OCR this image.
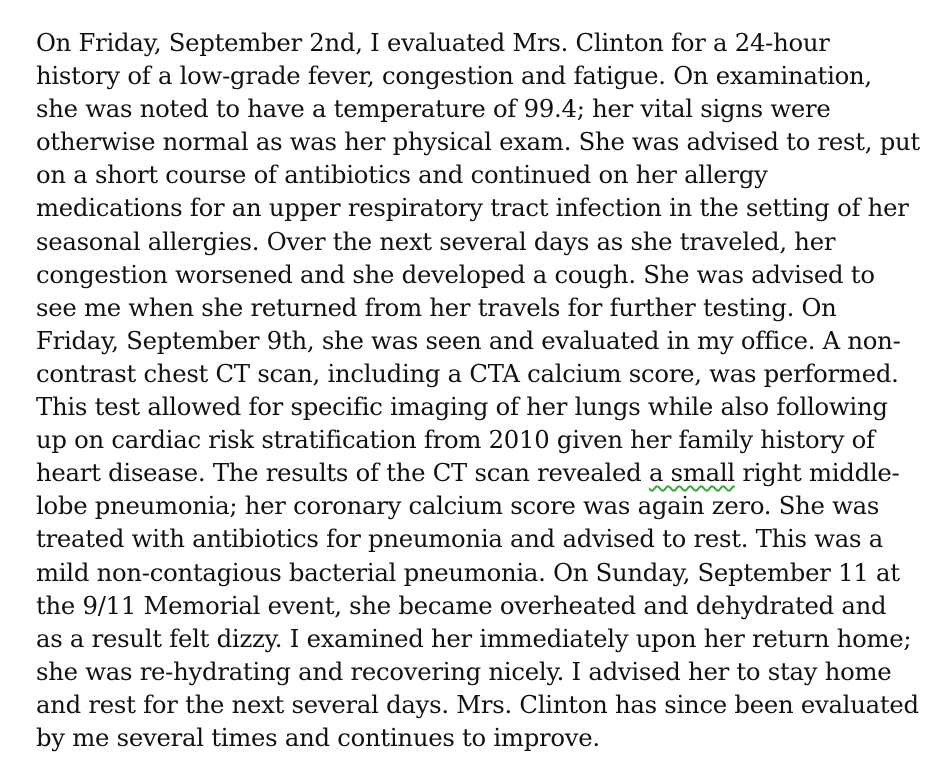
On Friday, September 2nd, I evaluated Mrs. Clinton for a 24-hour
history of a low-grade fever, congestion and fatigue. On examination,
she was noted to have a temperature of 99.4; her vital signs were
otherwise normal as was her physical exam. She was advised to rest, put
on a short course of antibiotics and continued on her allergy
medications for an upper respiratory tract infection in the setting of her
seasonal allergies. Over the next several days as she traveled, her
congestion worsened and she developed a cough. She was advised to
see me when she returned from her travels for further testing. On
Friday, September 9th, she was seen and evaluated in my office. A non-
contrast chest CT scan, including a CTA calcium score, was performed.
This test allowed for specific imaging of her lungs while also following
up on cardiac risk stratification from 2010 given her family history of
heart disease. The results of the CT scan revealed a small right middle-
lobe pneumonia; her coronary calcium score was again zero. She was
treated with antibiotics for pneumonia and advised to rest. This was a
mild non-contagious bacterial pneumonia. On Sunday, September 11 at
the 9/11 Memorial event, she became overheated and dehydrated and
as a result felt dizzy. I examined her immediately upon her return home;
she was re-hydrating and recovering nicely. I advised her to stay home
and rest for the next several days. Mrs. Clinton has since been evaluated
by me several times and continues to improve.
